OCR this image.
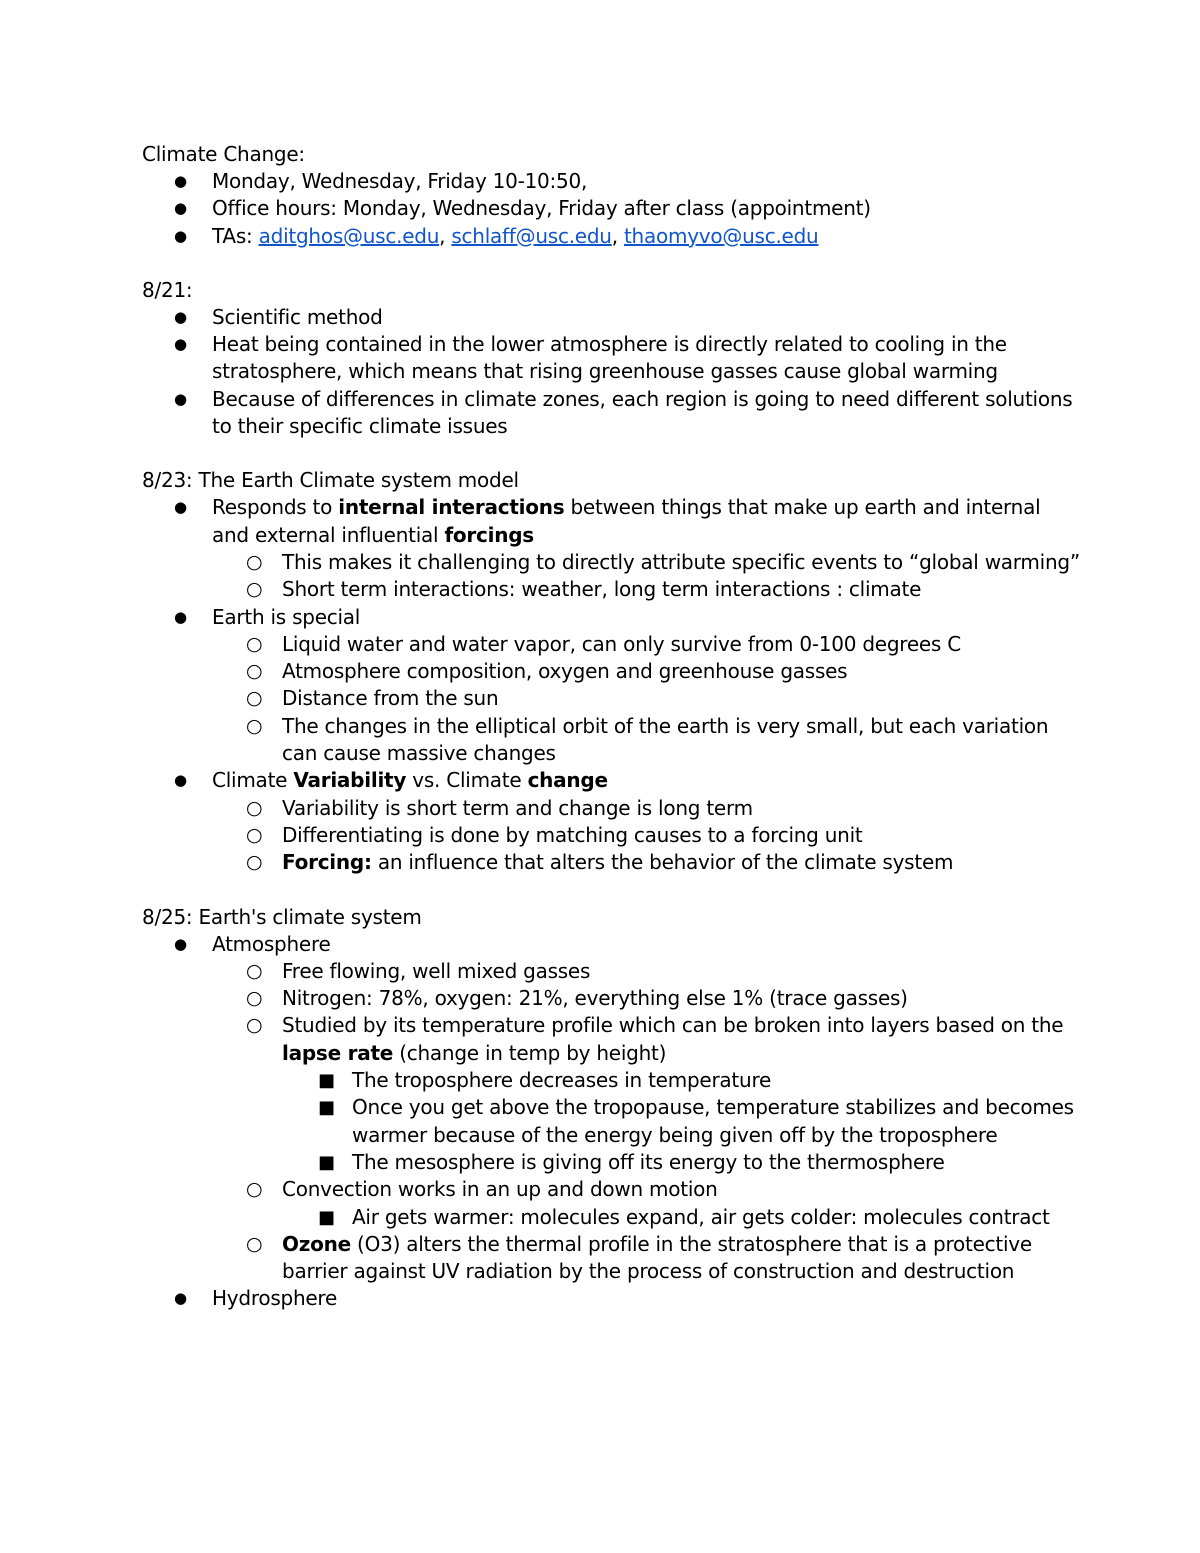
Climate Change:

● Monday, Wednesday, Friday 10-10:50,
● Office hours: Monday, Wednesday, Friday after class (appointment)
● TAs: aditghos@usc.edu, schlaff@usc.edu, thaomyvo@usc.edu

8/21:

● Scientific method
● Heat being contained in the lower atmosphere is directly related to cooling in the stratosphere, which means that rising greenhouse gasses cause global warming
● Because of differences in climate zones, each region is going to need different solutions to their specific climate issues

8/23: The Earth Climate system model

● Responds to internal interactions between things that make up earth and internal and external influential forcings
○ This makes it challenging to directly attribute specific events to “global warming”
○ Short term interactions: weather, long term interactions : climate
● Earth is special
○ Liquid water and water vapor, can only survive from 0-100 degrees C
○ Atmosphere composition, oxygen and greenhouse gasses
○ Distance from the sun
○ The changes in the elliptical orbit of the earth is very small, but each variation can cause massive changes
● Climate Variability vs. Climate change
○ Variability is short term and change is long term
○ Differentiating is done by matching causes to a forcing unit
○ Forcing: an influence that alters the behavior of the climate system

8/25: Earth's climate system

● Atmosphere
○ Free flowing, well mixed gasses
○ Nitrogen: 78%, oxygen: 21%, everything else 1% (trace gasses)
○ Studied by its temperature profile which can be broken into layers based on the lapse rate (change in temp by height)
■ The troposphere decreases in temperature
■ Once you get above the tropopause, temperature stabilizes and becomes warmer because of the energy being given off by the troposphere
■ The mesosphere is giving off its energy to the thermosphere
○ Convection works in an up and down motion
■ Air gets warmer: molecules expand, air gets colder: molecules contract
○ Ozone (O3) alters the thermal profile in the stratosphere that is a protective barrier against UV radiation by the process of construction and destruction
● Hydrosphere
